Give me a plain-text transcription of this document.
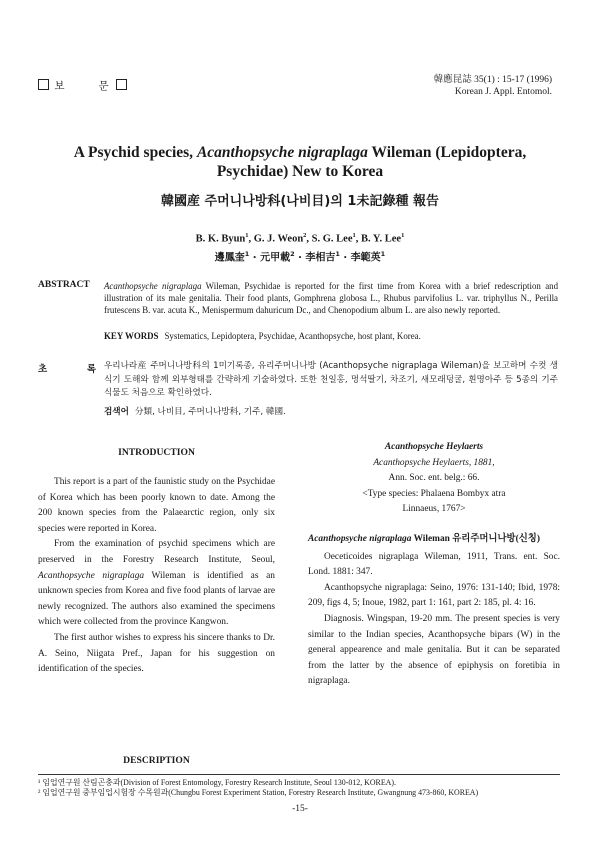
보	문	韓應昆誌 35(1) : 15-17 (1996)
Korean J. Appl. Entomol.
A Psychid species, Acanthopsyche nigraplaga Wileman (Lepidoptera, Psychidae) New to Korea
韓國産 주머니나방科(나비目)의 1未記錄種 報告
B. K. Byun$^1$, G. J. Weon$^2$, S. G. Lee$^1$, B. Y. Lee$^1$
邊鳳奎$^1$ · 元甲載$^2$ · 李相吉$^1$ · 李範英$^1$
ABSTRACT Acanthopsyche nigraplaga Wileman, Psychidae is reported for the first time from Korea with a brief redescription and illustration of its male genitalia. Their food plants, Gomphrena globosa L., Rhubus parvifolius L. var. triphyllus N., Perilla frutescens B. var. acuta K., Menispermum dahuricum Dc., and Chenopodium album L. are also newly reported.
KEY WORDS Systematics, Lepidoptera, Psychidae, Acanthopsyche, host plant, Korea.
초	록 우리나라産 주머니나방科의 1미기록종, 유리주머니나방 (Acanthopsyche nigraplaga Wileman)을 보고하며 수컷 생식기 도해와 함께 외부형태를 간략하게 기술하였다. 또한 천일홍, 멍석딸기, 차조기, 새모래덩굴, 흰명아주 등 5종의 기주식물도 처음으로 확인하였다.
검색어 分類, 나비目, 주머니나방科, 기주, 韓國.
INTRODUCTION

This report is a part of the faunistic study on the Psychidae of Korea which has been poorly known to date. Among the 200 known species from the Palaearctic region, only six species were reported in Korea.

From the examination of psychid specimens which are preserved in the Forestry Research Institute, Seoul, Acanthopsyche nigraplaga Wileman is identified as an unknown species from Korea and five food plants of larvae are newly recognized. The authors also examined the specimens which were collected from the province Kangwon.

The first author wishes to express his sincere thanks to Dr. A. Seino, Niigata Pref., Japan for his suggestion on identification of the species.

DESCRIPTION

Acanthopsyche Heylaerts

Acanthopsyche Heylaerts, 1881,

Ann. Soc. ent. belg.: 66.

<Type species: Phalaena Bombyx atra

Linnaeus, 1767>

Acanthopsyche nigraplaga Wileman 유리주머니나방(신칭)

Oeceticoides nigraplaga Wileman, 1911, Trans. ent. Soc. Lond. 1881: 347.

Acanthopsyche nigraplaga: Seino, 1976: 131-140; Ibid, 1978: 209, figs 4, 5; Inoue, 1982, part 1: 161, part 2: 185, pl. 4: 16.

Diagnosis. Wingspan, 19-20 mm. The present species is very similar to the Indian species, Acanthopsyche bipars (W) in the general appearence and male genitalia. But it can be separated from the latter by the absence of epiphysis on foretibia in nigraplaga.

¹ 임업연구원 산림곤충과(Division of Forest Entomology, Forestry Research Institute, Seoul 130-012, KOREA).
² 임업연구원 중부임업시험장 수목원과(Chungbu Forest Experiment Station, Forestry Research Institute, Gwangnung 473-860, KOREA)
-15-
